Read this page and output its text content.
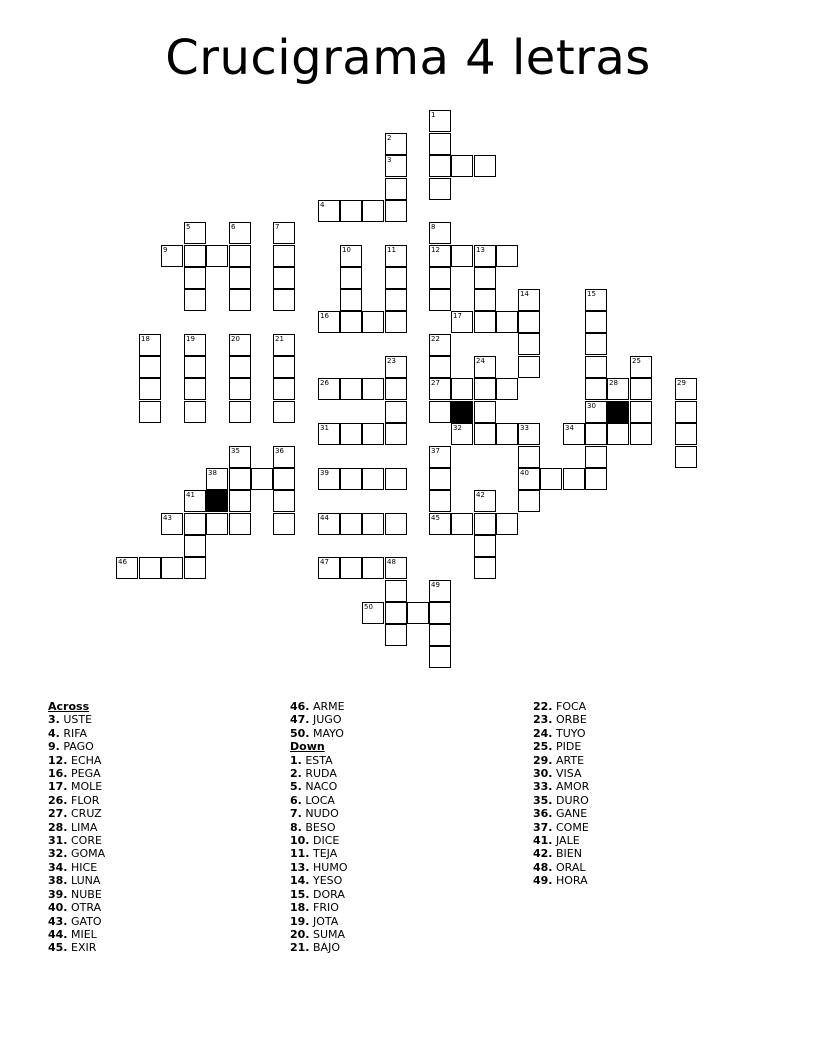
Crucigrama 4 letras
1
2
3
4
5	6	7
9
8
12	13
10	11
16	17
14	15
18	19	20	21	22
27
23
26
24	25
28	29
30
32
31	33
40
34
35	36
38
37
45
39
41
43
42
44
46	47	48
49
50
Across
3. USTE
4. RIFA
9. PAGO
12. ECHA
16. PEGA
17. MOLE
26. FLOR
27. CRUZ
28. LIMA
31. CORE
32. GOMA
34. HICE
38. LUNA
39. NUBE
40. OTRA
43. GATO
44. MIEL
45. EXIR
46. ARME
47. JUGO
50. MAYO
Down
1. ESTA
2. RUDA
5. NACO
6. LOCA
7. NUDO
8. BESO
10. DICE
11. TEJA
13. HUMO
14. YESO
15. DORA
18. FRIO
19. JOTA
20. SUMA
21. BAJO
22. FOCA
23. ORBE
24. TUYO
25. PIDE
29. ARTE
30. VISA
33. AMOR
35. DURO
36. GANE
37. COME
41. JALE
42. BIEN
48. ORAL
49. HORA
